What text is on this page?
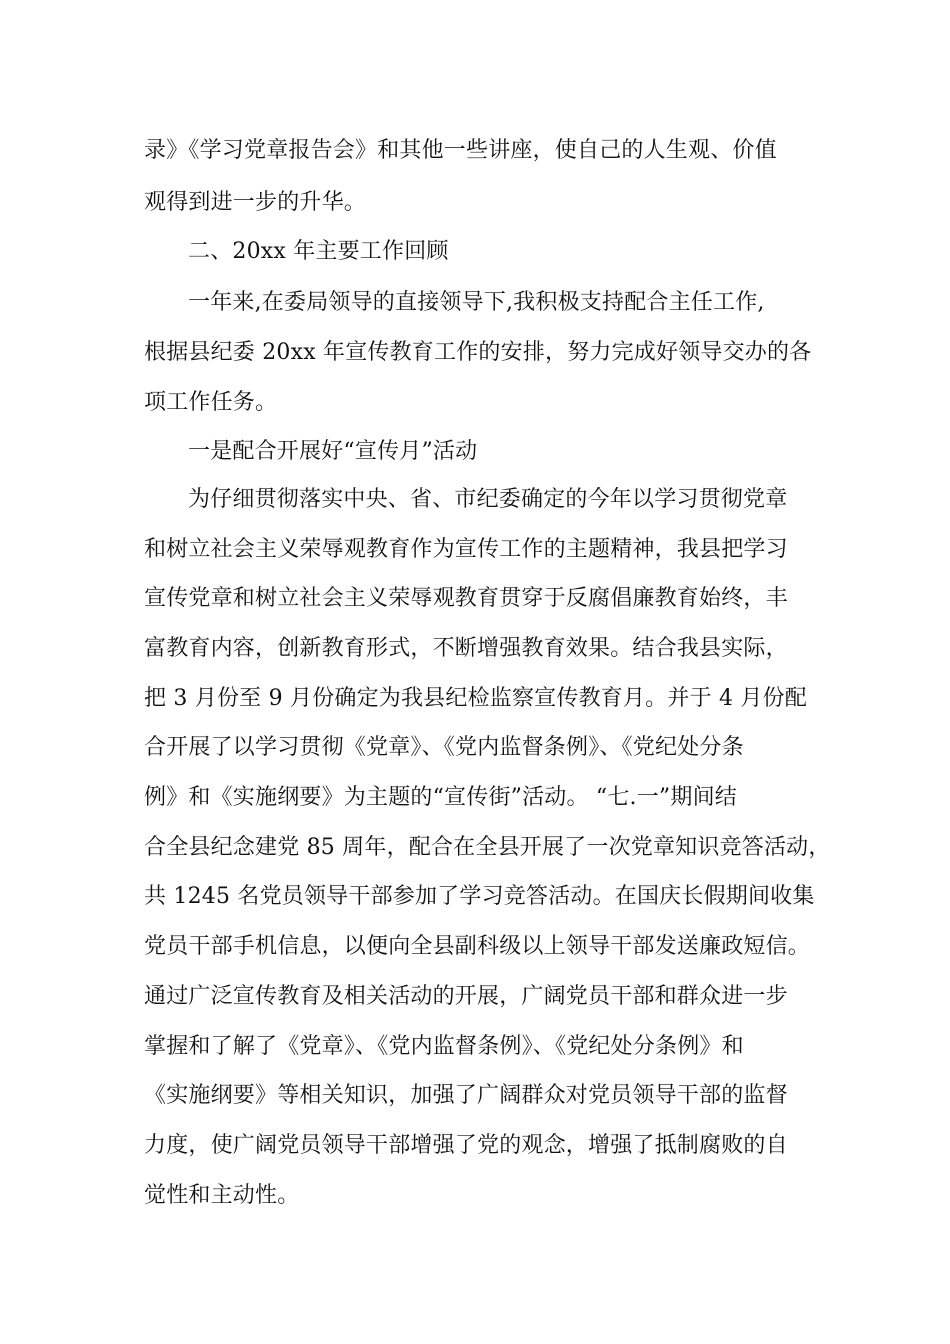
录》《学习党章报告会》和其他一些讲座，使自己的人生观、价值
观得到进一步的升华。
二、20xx 年主要工作回顾
一年来,在委局领导的直接领导下,我积极支持配合主任工作,
根据县纪委 20xx 年宣传教育工作的安排，努力完成好领导交办的各
项工作任务。
一是配合开展好“宣传月”活动
为仔细贯彻落实中央、省、市纪委确定的今年以学习贯彻党章
和树立社会主义荣辱观教育作为宣传工作的主题精神，我县把学习
宣传党章和树立社会主义荣辱观教育贯穿于反腐倡廉教育始终，丰
富教育内容，创新教育形式，不断增强教育效果。结合我县实际，
把 3 月份至 9 月份确定为我县纪检监察宣传教育月。并于 4 月份配
合开展了以学习贯彻《党章》、《党内监督条例》、《党纪处分条
例》和《实施纲要》为主题的“宣传街”活动。 “七.一”期间结
合全县纪念建党 85 周年，配合在全县开展了一次党章知识竞答活动，
共 1245 名党员领导干部参加了学习竞答活动。在国庆长假期间收集
党员干部手机信息，以便向全县副科级以上领导干部发送廉政短信。
通过广泛宣传教育及相关活动的开展，广阔党员干部和群众进一步
掌握和了解了《党章》、《党内监督条例》、《党纪处分条例》和
《实施纲要》等相关知识，加强了广阔群众对党员领导干部的监督
力度，使广阔党员领导干部增强了党的观念，增强了抵制腐败的自
觉性和主动性。
